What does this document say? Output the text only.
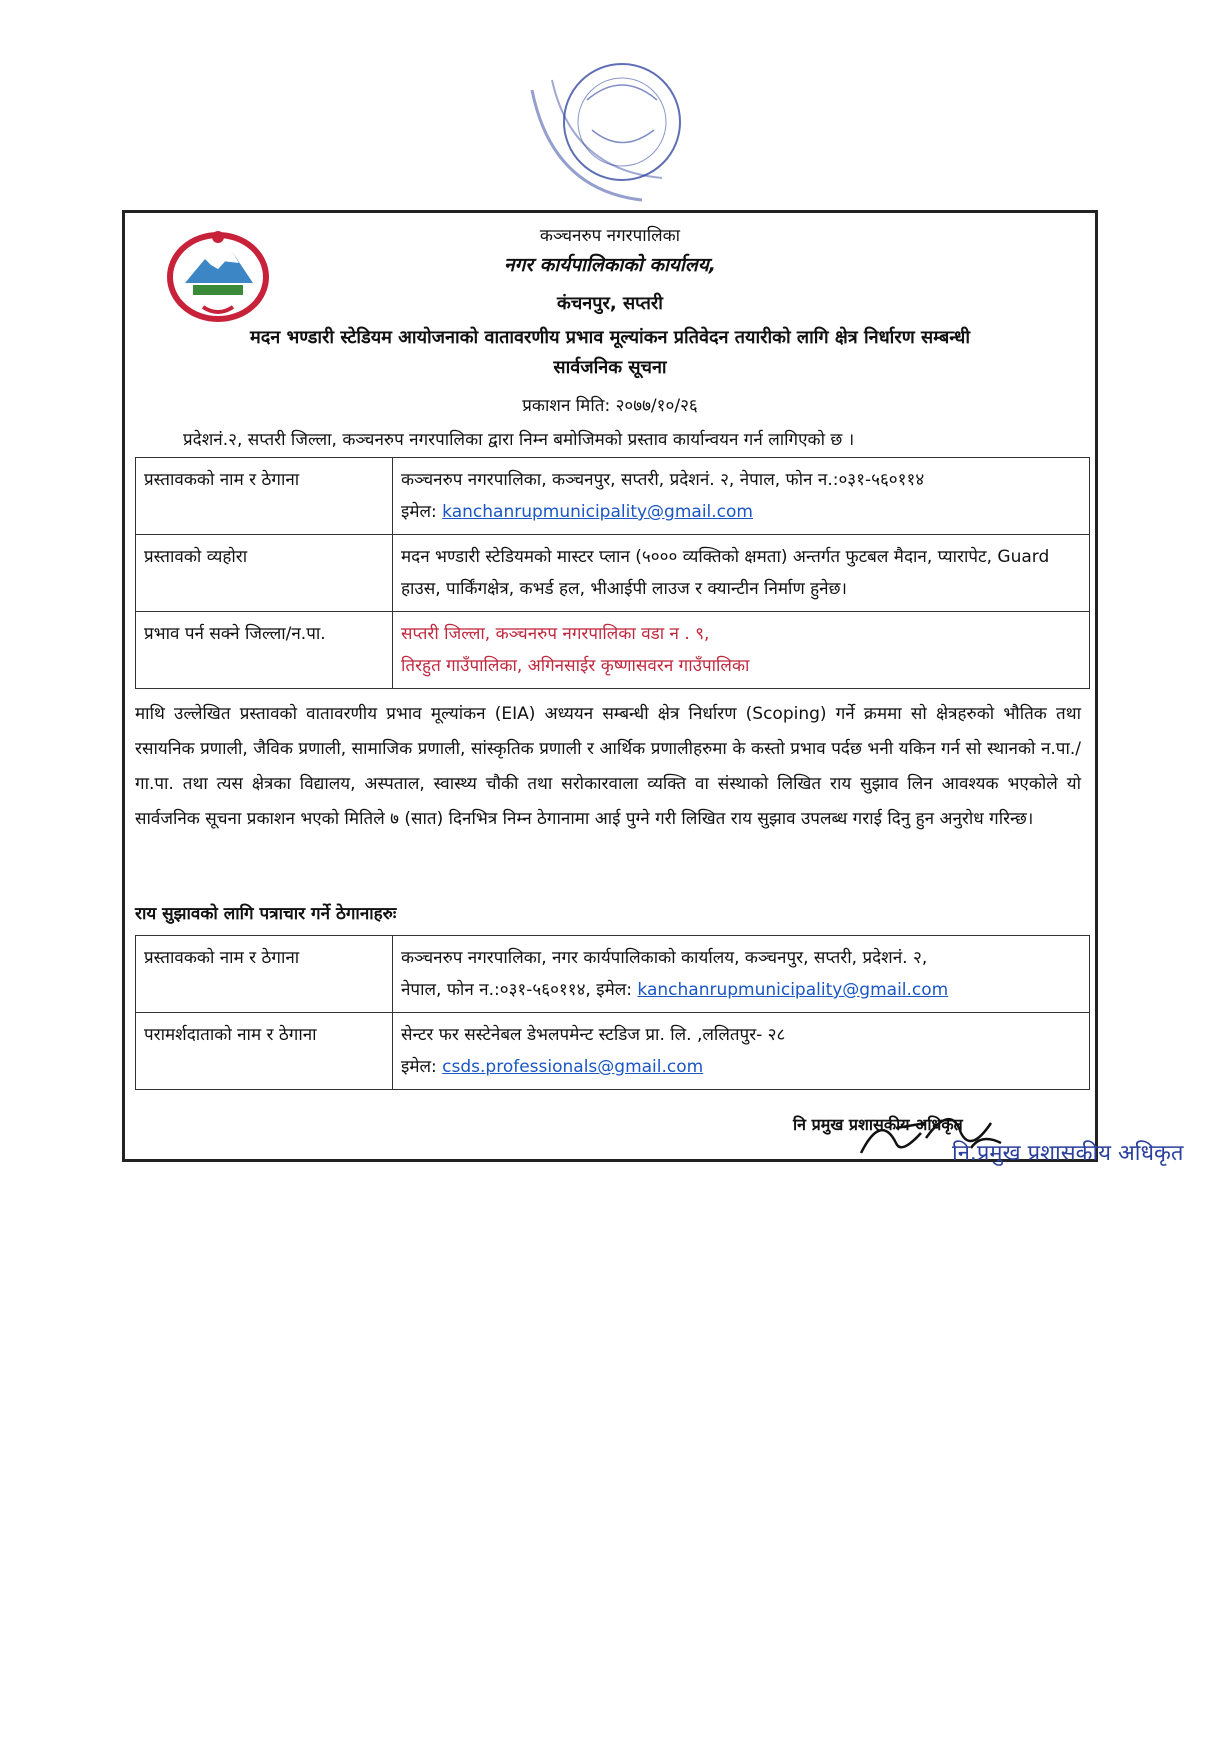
कञ्चनरुप नगरपालिका
नगर कार्यपालिकाको कार्यालय,
कंचनपुर, सप्तरी
मदन भण्डारी स्टेडियम आयोजनाको वातावरणीय प्रभाव मूल्यांकन प्रतिवेदन तयारीको लागि क्षेत्र निर्धारण सम्बन्धी
सार्वजनिक सूचना
प्रकाशन मिति: २०७७/१०/२६
प्रदेशनं.२, सप्तरी जिल्ला, कञ्चनरुप नगरपालिका द्वारा निम्न बमोजिमको प्रस्ताव कार्यान्वयन गर्न लागिएको छ ।
प्रस्तावकको नाम र ठेगाना	कञ्चनरुप नगरपालिका, कञ्चनपुर, सप्तरी, प्रदेशनं. २, नेपाल, फोन न.:०३१-५६०११४
इमेल: kanchanrupmunicipality@gmail.com

प्रस्तावको व्यहोरा	मदन भण्डारी स्टेडियमको मास्टर प्लान (५००० व्यक्तिको क्षमता) अन्तर्गत फुटबल मैदान, प्यारापेट, Guard हाउस, पार्किंगक्षेत्र, कभर्ड हल, भीआईपी लाउज र क्यान्टीन निर्माण हुनेछ।
प्रभाव पर्न सक्ने जिल्ला/न.पा.	सप्तरी जिल्ला, कञ्चनरुप नगरपालिका वडा न . ९,
तिरहुत गाउँपालिका, अगिनसाईर कृष्णासवरन गाउँपालिका
माथि उल्लेखित प्रस्तावको वातावरणीय प्रभाव मूल्यांकन (EIA) अध्ययन सम्बन्धी क्षेत्र निर्धारण (Scoping) गर्ने क्रममा सो क्षेत्रहरुको भौतिक तथा रसायनिक प्रणाली, जैविक प्रणाली, सामाजिक प्रणाली, सांस्कृतिक प्रणाली र आर्थिक प्रणालीहरुमा के कस्तो प्रभाव पर्दछ भनी यकिन गर्न सो स्थानको न.पा./गा.पा. तथा त्यस क्षेत्रका विद्यालय, अस्पताल, स्वास्थ्य चौकी तथा सरोकारवाला व्यक्ति वा संस्थाको लिखित राय सुझाव लिन आवश्यक भएकोले यो सार्वजनिक सूचना प्रकाशन भएको मितिले ७ (सात) दिनभित्र निम्न ठेगानामा आई पुग्ने गरी लिखित राय सुझाव उपलब्ध गराई दिनु हुन अनुरोध गरिन्छ।
राय सुझावको लागि पत्राचार गर्ने ठेगानाहरुः
प्रस्तावकको नाम र ठेगाना	कञ्चनरुप नगरपालिका, नगर कार्यपालिकाको कार्यालय, कञ्चनपुर, सप्तरी, प्रदेशनं. २,
नेपाल, फोन न.:०३१-५६०११४, इमेल: kanchanrupmunicipality@gmail.com

परामर्शदाताको नाम र ठेगाना	सेन्टर फर सस्टेनेबल डेभलपमेन्ट स्टडिज प्रा. लि. ,ललितपुर- २८
इमेल: csds.professionals@gmail.com
नि प्रमुख प्रशासकीय अधिकृत
नि.प्रमुख प्रशासकीय अधिकृत
